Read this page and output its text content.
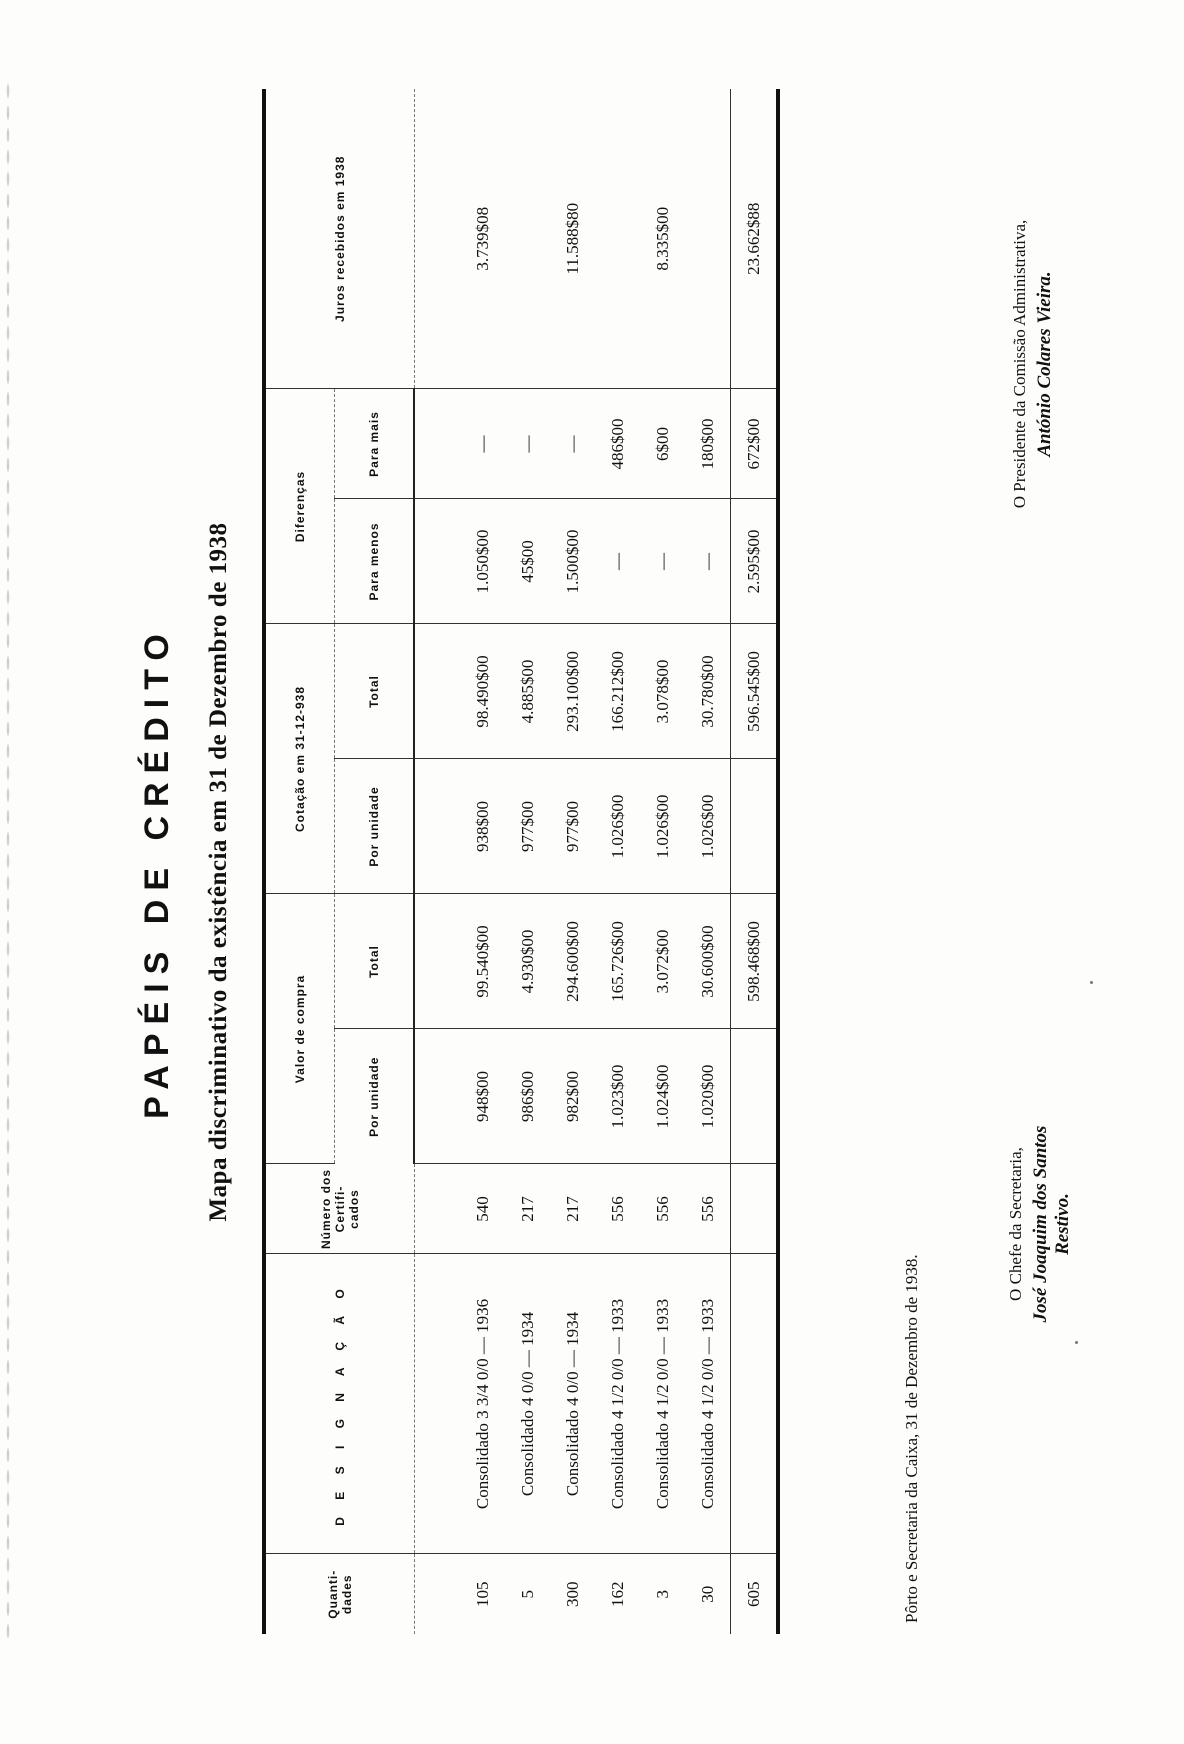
PAPÉIS DE CRÉDITO Mapa discriminativo da existência em 31 de Dezembro de 1938
Quanti-dades	D E S I G N A Ç Ã O	Número dos Certifi-cados	Valor de compra		Cotação em 31-12-938		Diferenças		Juros recebidos em 1938
			Por unidade	Total	Por unidade	Total	Para menos	Para mais	

105	Consolidado 3 3/4 0/0 — 1936	540	948$00	99.540$00	938$00	98.490$00	1.050$00	—	3.739$08
5	Consolidado 4 0/0 — 1934	217	986$00	4.930$00	977$00	4.885$00	45$00	—	
300	Consolidado 4 0/0 — 1934	217	982$00	294.600$00	977$00	293.100$00	1.500$00	—	11.588$80
162	Consolidado 4 1/2 0/0 — 1933	556	1.023$00	165.726$00	1.026$00	166.212$00	—	486$00	
3	Consolidado 4 1/2 0/0 — 1933	556	1.024$00	3.072$00	1.026$00	3.078$00	—	6$00	8.335$00
30	Consolidado 4 1/2 0/0 — 1933	556	1.020$00	30.600$00	1.026$00	30.780$00	—	180$00	
605				598.468$00		596.545$00	2.595$00	672$00	23.662$88
Pôrto e Secretaria da Caixa, 31 de Dezembro de 1938.
O Chefe da Secretaria, José Joaquim dos Santos Restivo.
O Presidente da Comissão Administrativa, António Colares Vieira.
